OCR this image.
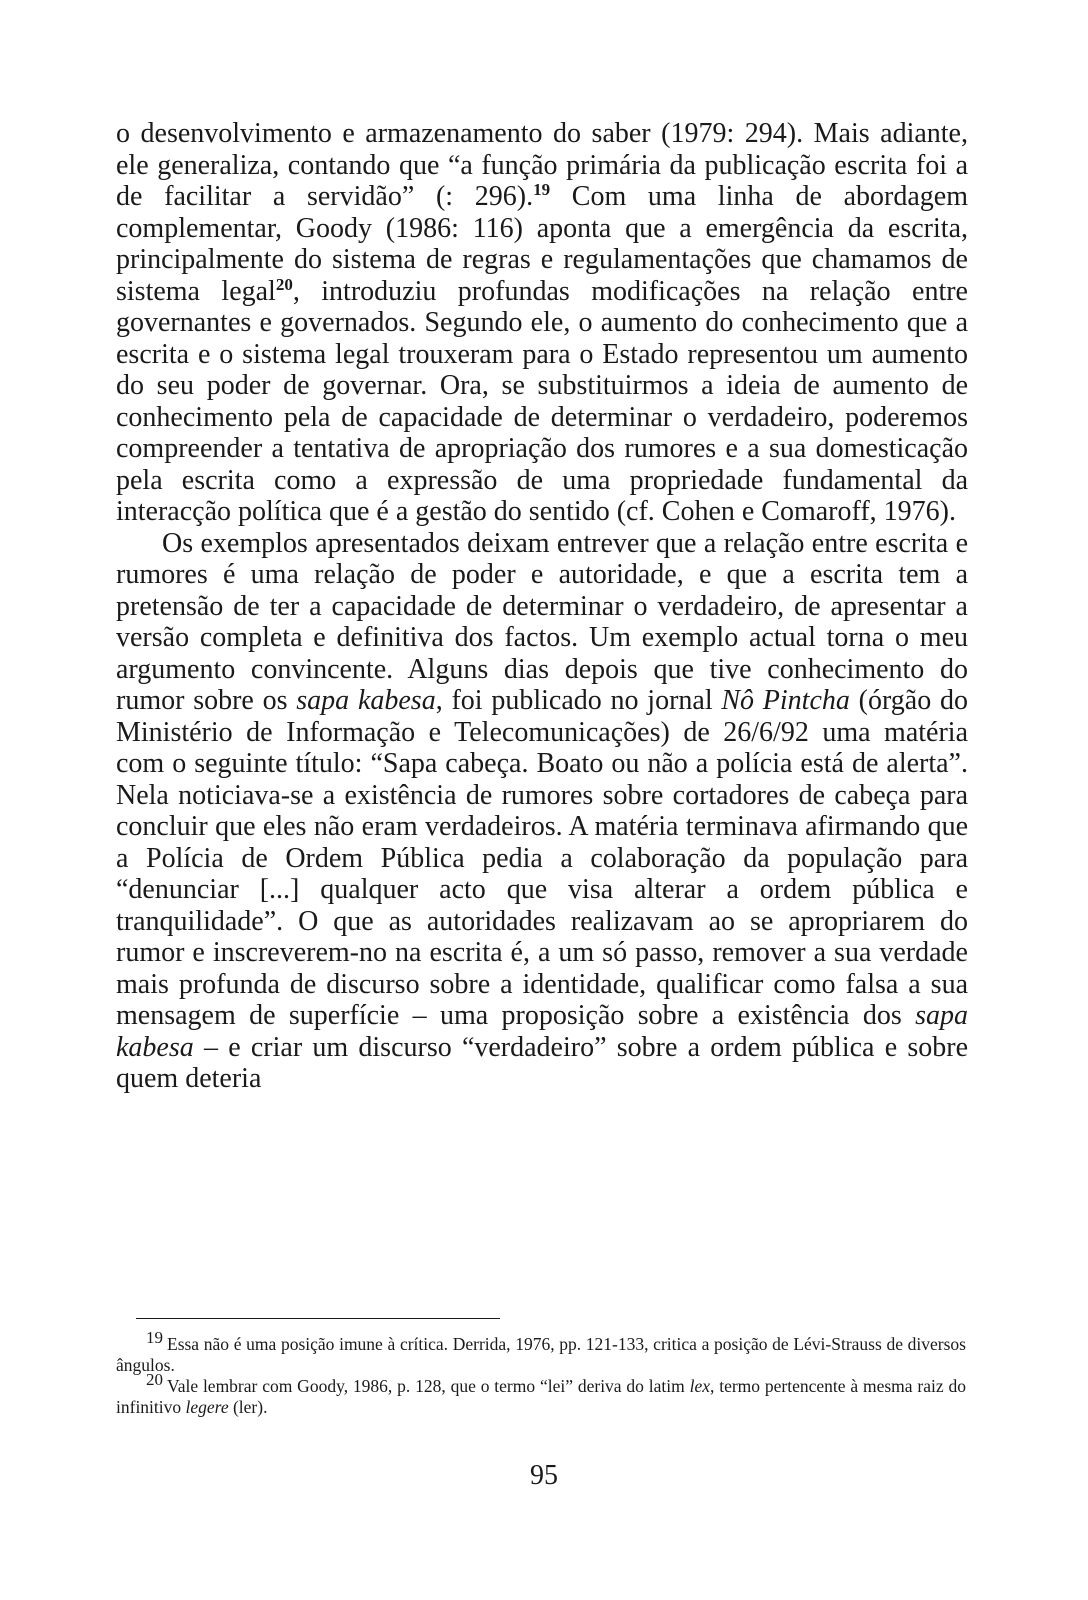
o desenvolvimento e armazenamento do saber (1979: 294). Mais adiante, ele generaliza, contando que “a função primária da publicação escrita foi a de facilitar a servidão” (: 296).$^{19}$ Com uma linha de abordagem complementar, Goody (1986: 116) aponta que a emergência da escrita, principalmente do sistema de regras e regulamentações que chamamos de sistema legal$^{20}$, introduziu profundas modificações na relação entre governantes e governados. Segundo ele, o aumento do conhecimento que a escrita e o sistema legal trouxeram para o Estado representou um aumento do seu poder de governar. Ora, se substituirmos a ideia de aumento de conhecimento pela de capacidade de determinar o verdadeiro, poderemos compreender a tentativa de apropriação dos rumores e a sua domesticação pela escrita como a expressão de uma propriedade fundamental da interacção política que é a gestão do sentido (cf. Cohen e Comaroff, 1976).

Os exemplos apresentados deixam entrever que a relação entre escrita e rumores é uma relação de poder e autoridade, e que a escrita tem a pretensão de ter a capacidade de determinar o verdadeiro, de apresentar a versão completa e definitiva dos factos. Um exemplo actual torna o meu argumento convincente. Alguns dias depois que tive conhecimento do rumor sobre os sapa kabesa, foi publicado no jornal Nô Pintcha (órgão do Ministério de Informação e Telecomunicações) de 26/6/92 uma matéria com o seguinte título: “Sapa cabeça. Boato ou não a polícia está de alerta”. Nela noticiava-se a existência de rumores sobre cortadores de cabeça para concluir que eles não eram verdadeiros. A matéria terminava afirmando que a Polícia de Ordem Pública pedia a colaboração da população para “denunciar [...] qualquer acto que visa alterar a ordem pública e tranquilidade”. O que as autoridades realizavam ao se apropriarem do rumor e inscreverem-no na escrita é, a um só passo, remover a sua verdade mais profunda de discurso sobre a identidade, qualificar como falsa a sua mensagem de superfície – uma proposição sobre a existência dos sapa kabesa – e criar um discurso “verdadeiro” sobre a ordem pública e sobre quem deteria

$^{19}$ Essa não é uma posição imune à crítica. Derrida, 1976, pp. 121-133, critica a posição de Lévi-Strauss de diversos ângulos.

$^{20}$ Vale lembrar com Goody, 1986, p. 128, que o termo “lei” deriva do latim lex, termo pertencente à mesma raiz do infinitivo legere (ler).

95
